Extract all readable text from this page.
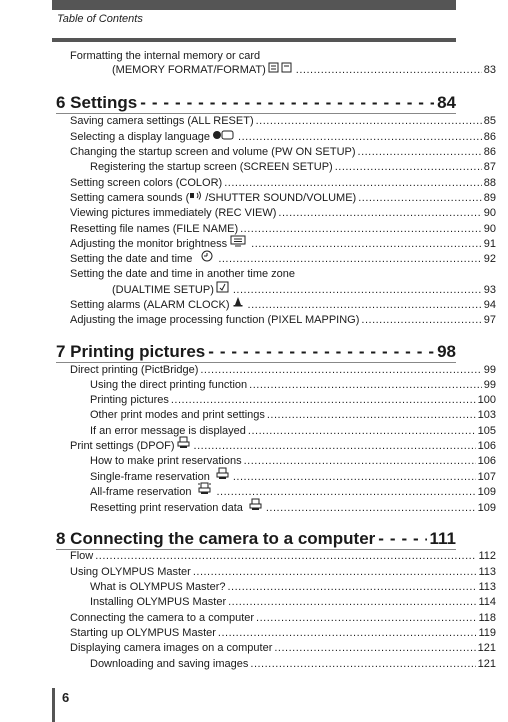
Table of Contents
Formatting the internal memory or card
(MEMORY FORMAT/FORMAT) .....	83
6 Settings - - -	84
Saving camera settings (ALL RESET) .....	85
Selecting a display language .....	86
Changing the startup screen and volume (PW ON SETUP) .....	86
Registering the startup screen (SCREEN SETUP) .....	87
Setting screen colors (COLOR) .....	88
Setting camera sounds ( /SHUTTER SOUND/VOLUME) .....	89
Viewing pictures immediately (REC VIEW) .....	90
Resetting file names (FILE NAME) .....	90
Adjusting the monitor brightness .....	91
Setting the date and time .....	92
Setting the date and time in another time zone
(DUALTIME SETUP) .....	93
Setting alarms (ALARM CLOCK) .....	94
Adjusting the image processing function (PIXEL MAPPING) .....	97
7 Printing pictures - - -	98
Direct printing (PictBridge) .....	99
Using the direct printing function .....	99
Printing pictures .....	100
Other print modes and print settings .....	103
If an error message is displayed .....	105
Print settings (DPOF) .....	106
How to make print reservations .....	106
Single-frame reservation .....	107
All-frame reservation .....	109
Resetting print reservation data .....	109
8 Connecting the camera to a computer - - -	111
Flow .....	112
Using OLYMPUS Master .....	113
What is OLYMPUS Master? .....	113
Installing OLYMPUS Master .....	114
Connecting the camera to a computer .....	118
Starting up OLYMPUS Master .....	119
Displaying camera images on a computer .....	121
Downloading and saving images .....	121
6
